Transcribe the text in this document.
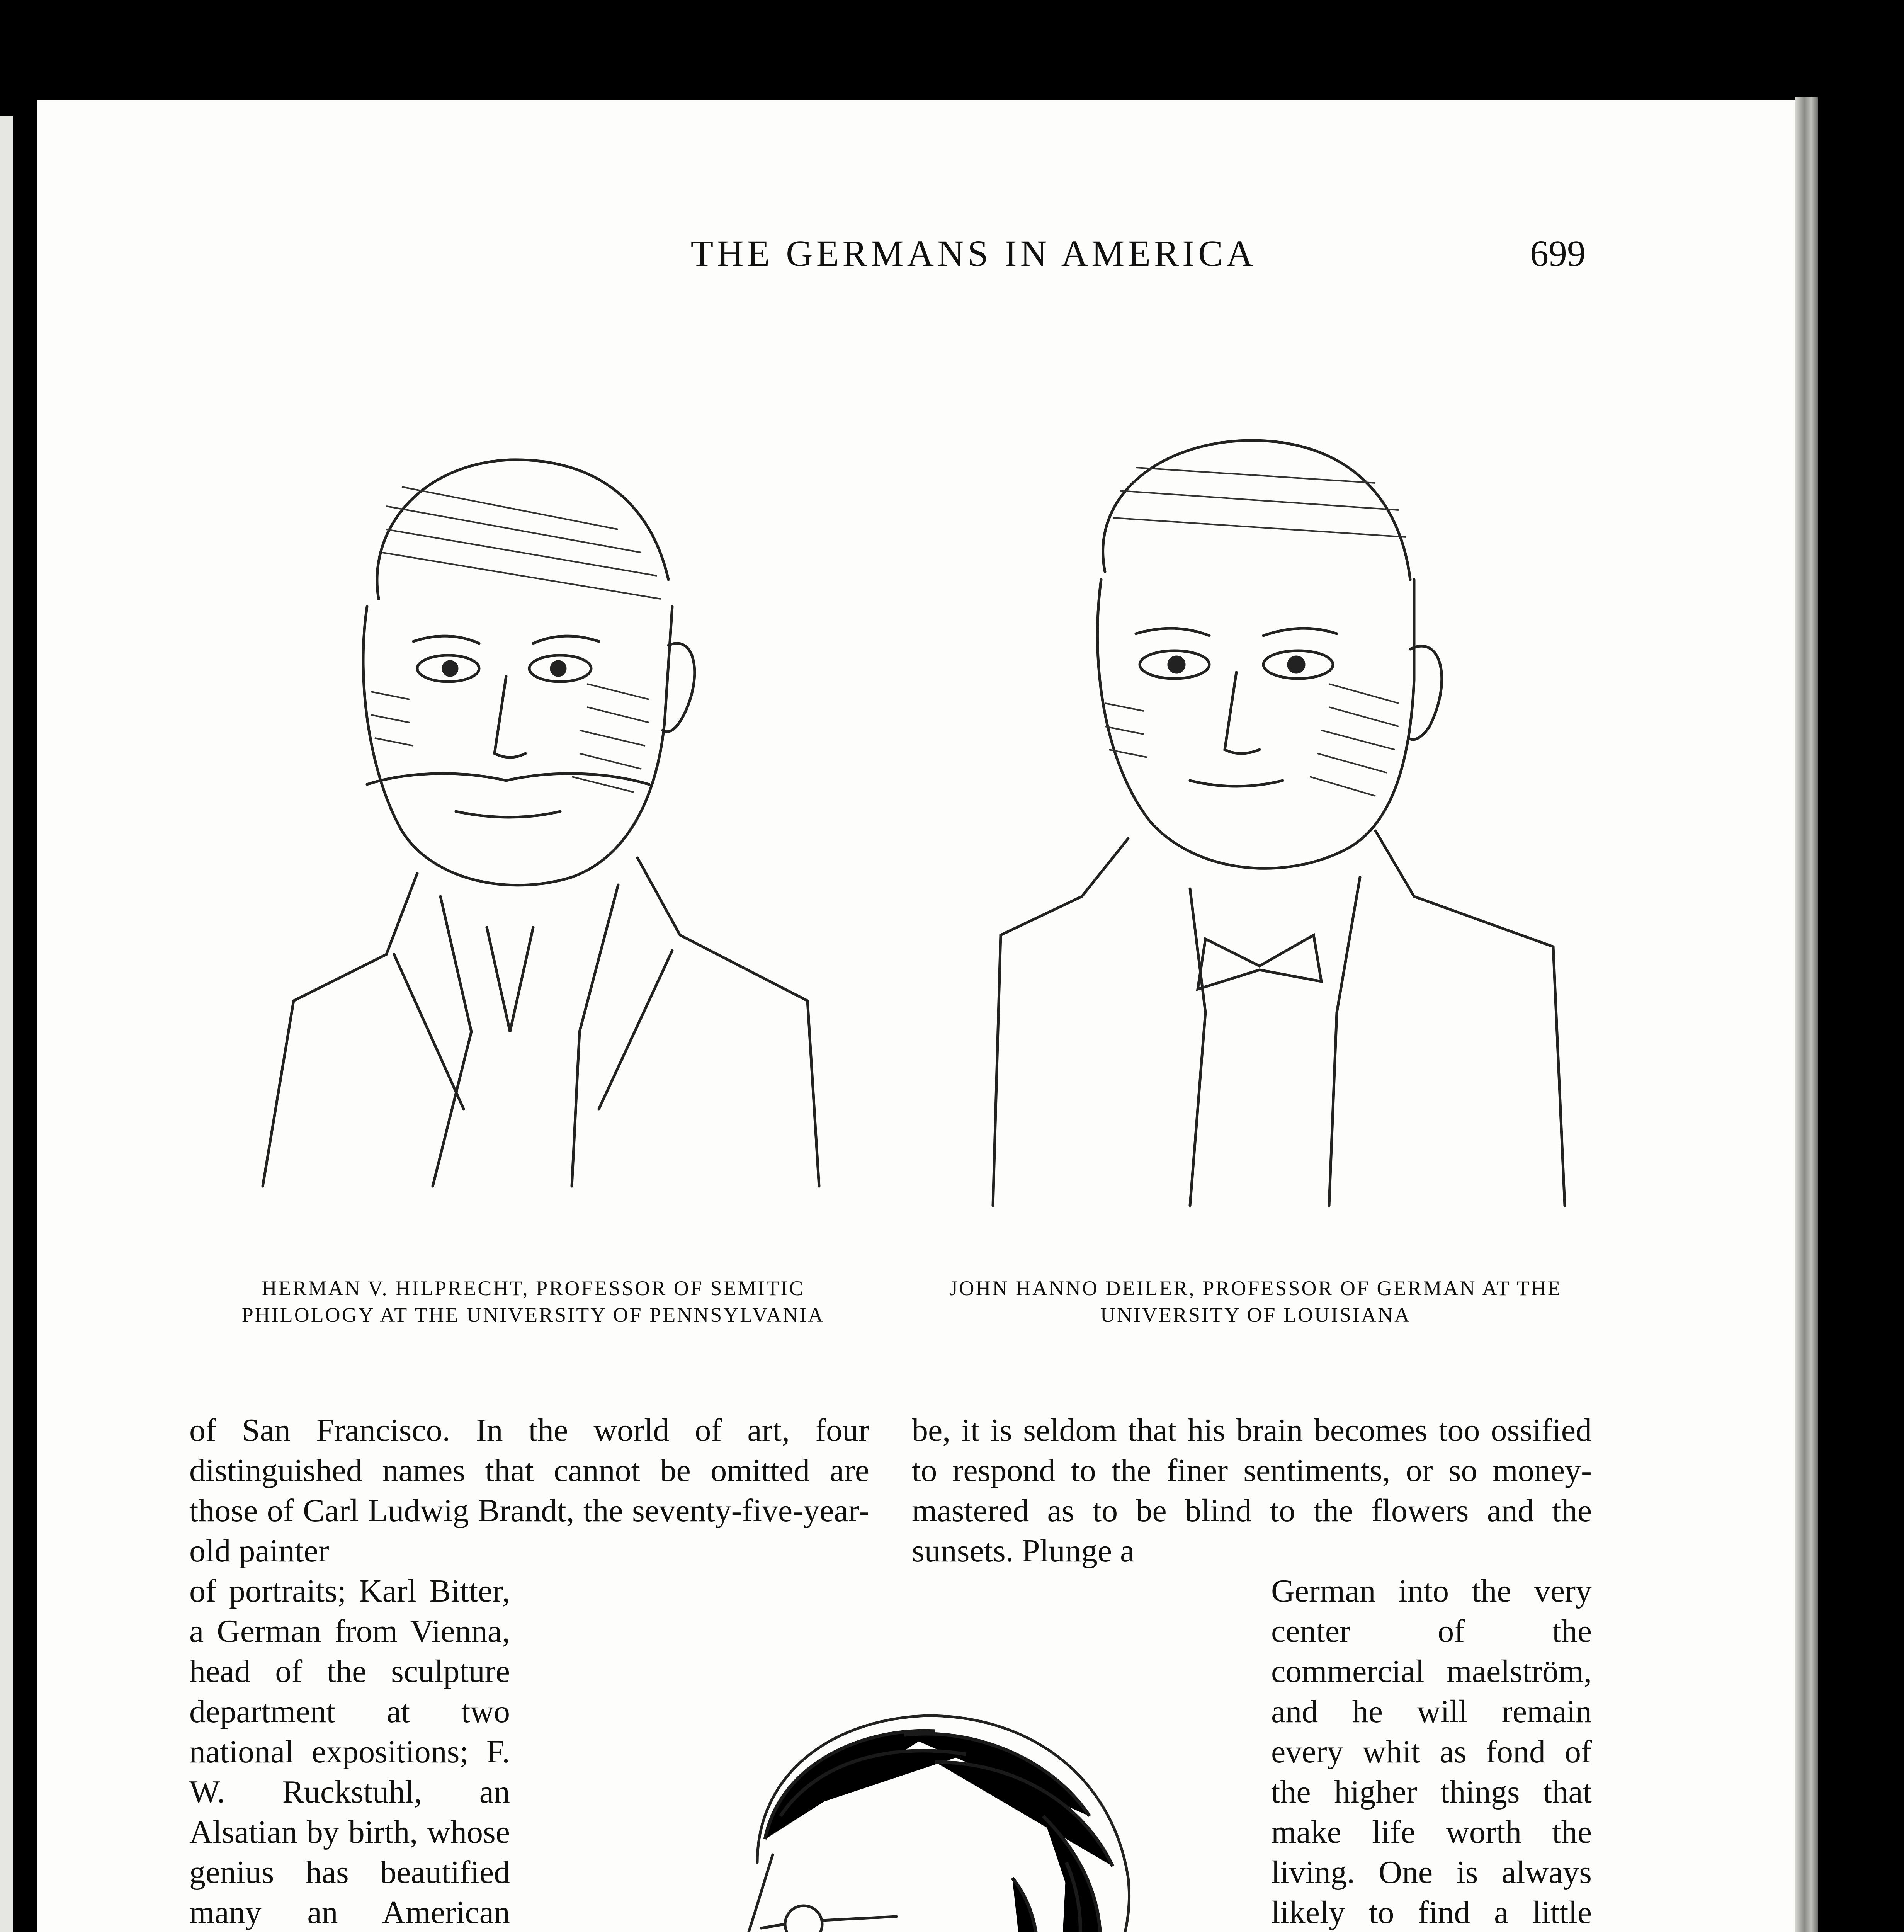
THE GERMANS IN AMERICA	699
HERMAN V. HILPRECHT, PROFESSOR OF SEMITIC PHILOLOGY AT THE UNIVERSITY OF PENNSYLVANIA
JOHN HANNO DEILER, PROFESSOR OF GERMAN AT THE UNIVERSITY OF LOUISIANA

of San Francisco. In the world of art, four distinguished names that cannot be omitted are those of Carl Ludwig Brandt, the seventy-five-year-old painter

be, it is seldom that his brain becomes too ossified to respond to the finer sentiments, or so money-mastered as to be blind to the flowers and the sunsets. Plunge a

of portraits; Karl Bitter, a German from Vienna, head of the sculpture department at two national expositions; F. W. Ruckstuhl, an Alsatian by birth, whose genius has beautified many an American

German into the very center of the commercial maelström, and he will remain every whit as fond of the higher things that make life worth the living. One is always likely to find a little
